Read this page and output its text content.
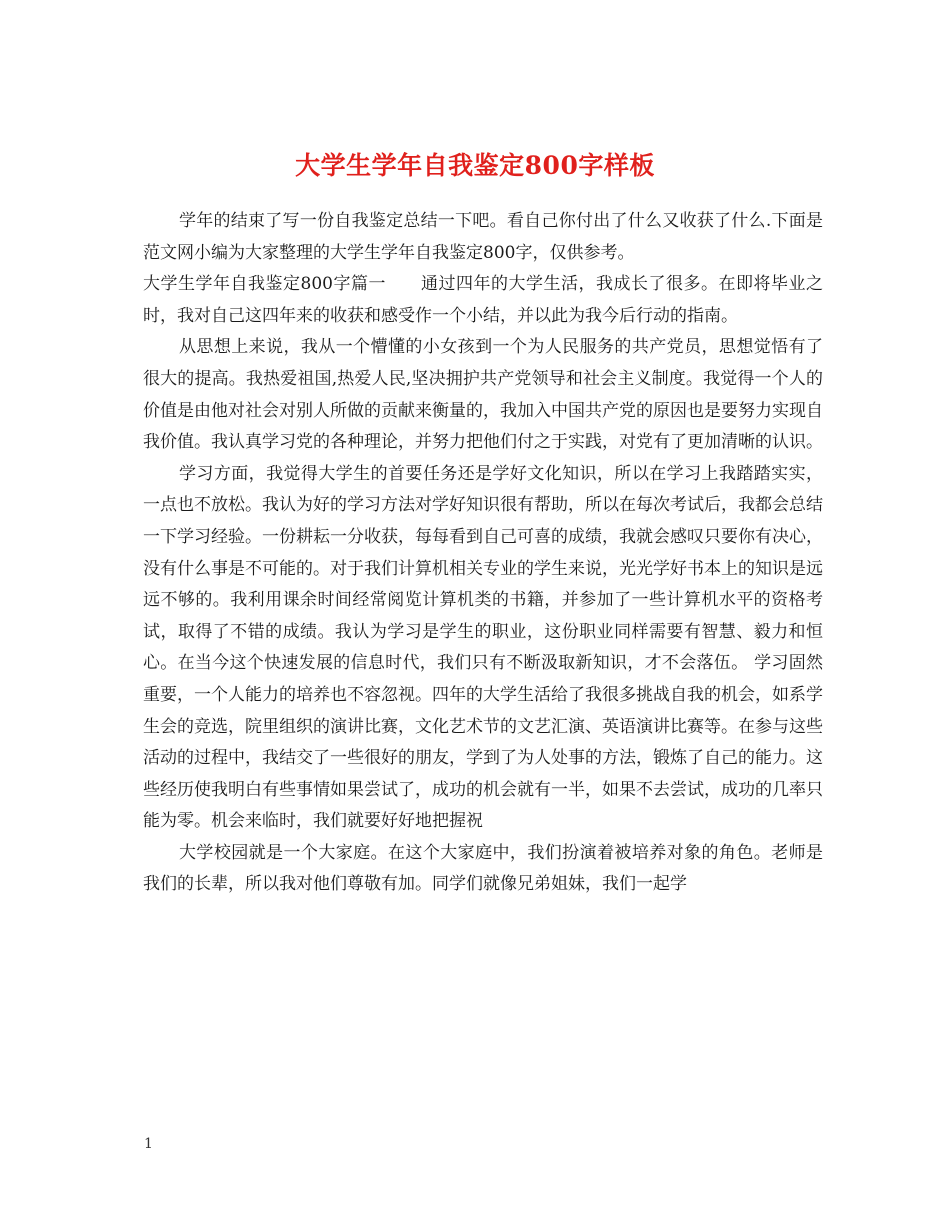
大学生学年自我鉴定800字样板

学年的结束了写一份自我鉴定总结一下吧。看自己你付出了什么又收获了什么.下面是范文网小编为大家整理的大学生学年自我鉴定800字，仅供参考。

大学生学年自我鉴定800字篇一　　通过四年的大学生活，我成长了很多。在即将毕业之时，我对自己这四年来的收获和感受作一个小结，并以此为我今后行动的指南。

从思想上来说，我从一个懵懂的小女孩到一个为人民服务的共产党员，思想觉悟有了很大的提高。我热爱祖国,热爱人民,坚决拥护共产党领导和社会主义制度。我觉得一个人的价值是由他对社会对别人所做的贡献来衡量的，我加入中国共产党的原因也是要努力实现自我价值。我认真学习党的各种理论，并努力把他们付之于实践，对党有了更加清晰的认识。

学习方面，我觉得大学生的首要任务还是学好文化知识，所以在学习上我踏踏实实，一点也不放松。我认为好的学习方法对学好知识很有帮助，所以在每次考试后，我都会总结一下学习经验。一份耕耘一分收获，每每看到自己可喜的成绩，我就会感叹只要你有决心，没有什么事是不可能的。对于我们计算机相关专业的学生来说，光光学好书本上的知识是远远不够的。我利用课余时间经常阅览计算机类的书籍，并参加了一些计算机水平的资格考试，取得了不错的成绩。我认为学习是学生的职业，这份职业同样需要有智慧、毅力和恒心。在当今这个快速发展的信息时代，我们只有不断汲取新知识，才不会落伍。 学习固然重要，一个人能力的培养也不容忽视。四年的大学生活给了我很多挑战自我的机会，如系学生会的竞选，院里组织的演讲比赛，文化艺术节的文艺汇演、英语演讲比赛等。在参与这些活动的过程中，我结交了一些很好的朋友，学到了为人处事的方法，锻炼了自己的能力。这些经历使我明白有些事情如果尝试了，成功的机会就有一半，如果不去尝试，成功的几率只能为零。机会来临时，我们就要好好地把握祝

大学校园就是一个大家庭。在这个大家庭中，我们扮演着被培养对象的角色。老师是我们的长辈，所以我对他们尊敬有加。同学们就像兄弟姐妹，我们一起学

1
